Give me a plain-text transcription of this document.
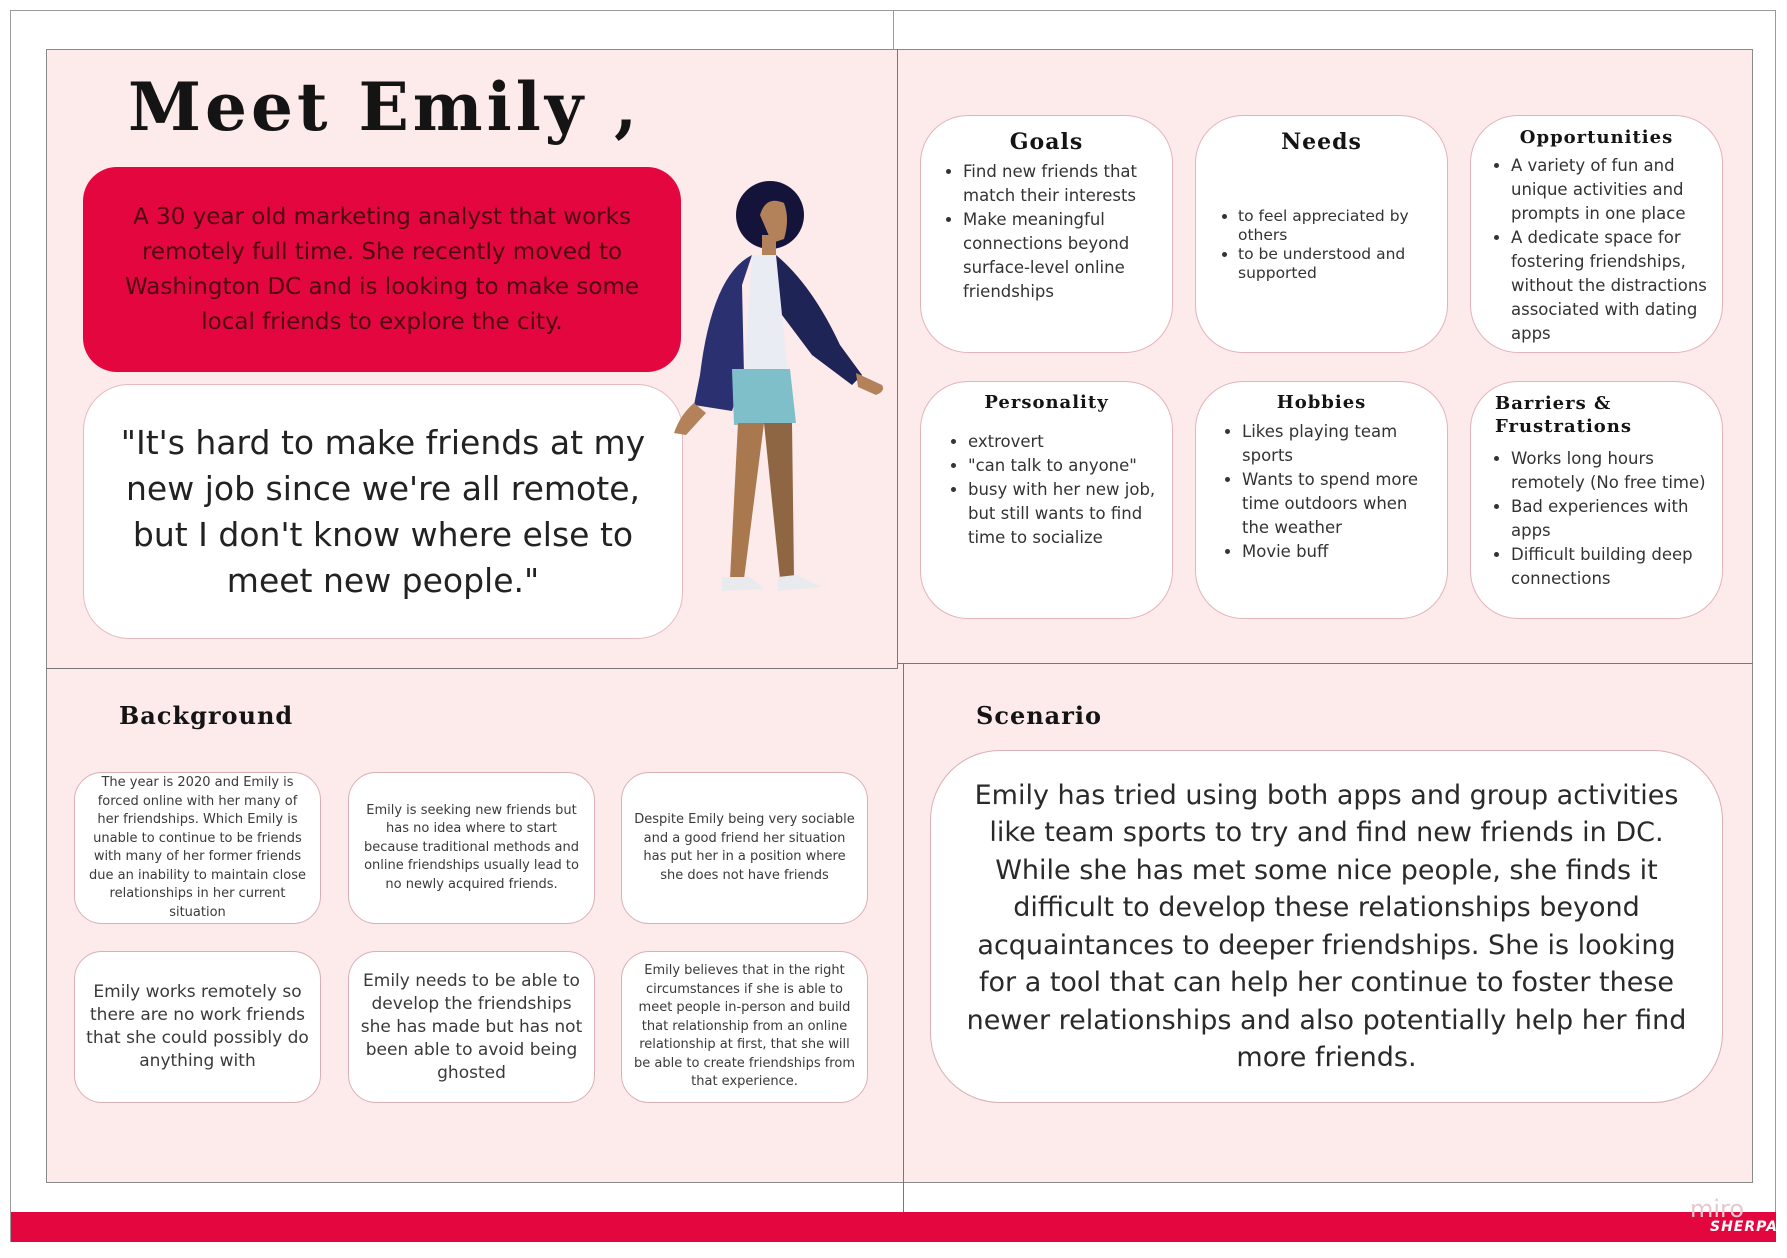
Meet Emily ,
A 30 year old marketing analyst that works remotely full time. She recently moved to Washington DC and is looking to make some local friends to explore the city.
"It's hard to make friends at my new job since we're all remote, but I don't know where else to meet new people."
Goals
• Find new friends that match their interests
• Make meaningful connections beyond surface-level online friendships
Needs
• to feel appreciated by others
• to be understood and supported
Opportunities
• A variety of fun and unique activities and prompts in one place
• A dedicate space for fostering friendships, without the distractions associated with dating apps
Personality
• extrovert
• "can talk to anyone"
• busy with her new job, but still wants to find time to socialize
Hobbies
• Likes playing team sports
• Wants to spend more time outdoors when the weather
• Movie buff
Barriers & Frustrations
• Works long hours remotely (No free time)
• Bad experiences with apps
• Difficult building deep connections
Background
The year is 2020 and Emily is forced online with her many of her friendships. Which Emily is unable to continue to be friends with many of her former friends due an inability to maintain close relationships in her current situation
Emily is seeking new friends but has no idea where to start because traditional methods and online friendships usually lead to no newly acquired friends.
Despite Emily being very sociable and a good friend her situation has put her in a position where she does not have friends
Emily works remotely so there are no work friends that she could possibly do anything with
Emily needs to be able to develop the friendships she has made but has not been able to avoid being ghosted
Emily believes that in the right circumstances if she is able to meet people in-person and build that relationship from an online relationship at first, that she will be able to create friendships from that experience.
Scenario
Emily has tried using both apps and group activities like team sports to try and find new friends in DC. While she has met some nice people, she finds it difficult to develop these relationships beyond acquaintances to deeper friendships. She is looking for a tool that can help her continue to foster these newer relationships and also potentially help her find more friends.
miro
SHERPA
